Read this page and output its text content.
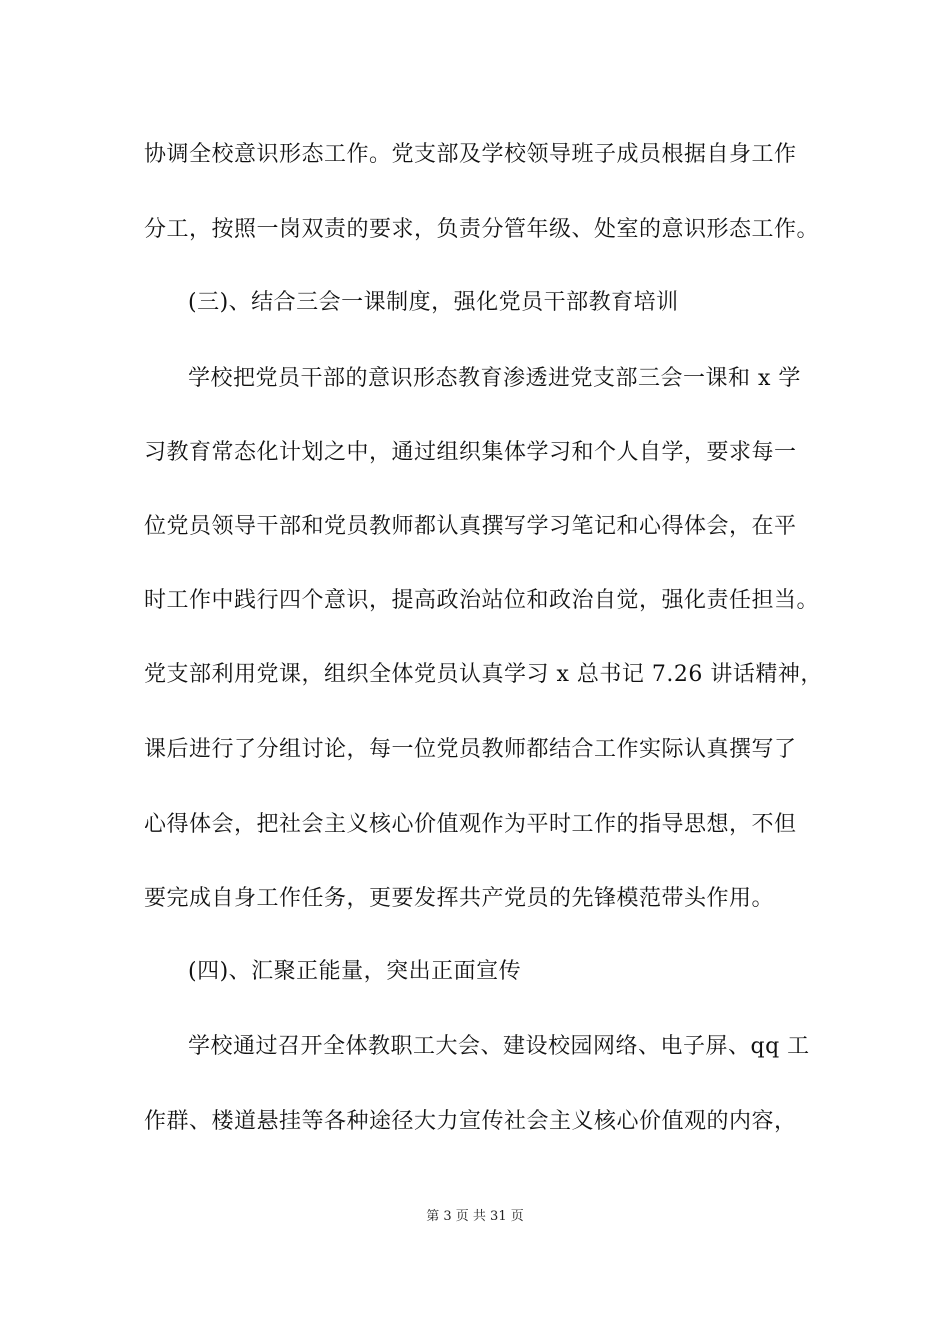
协调全校意识形态工作。党支部及学校领导班子成员根据自身工作
分工，按照一岗双责的要求，负责分管年级、处室的意识形态工作。
(三)、结合三会一课制度，强化党员干部教育培训
学校把党员干部的意识形态教育渗透进党支部三会一课和 x 学
习教育常态化计划之中，通过组织集体学习和个人自学，要求每一
位党员领导干部和党员教师都认真撰写学习笔记和心得体会，在平
时工作中践行四个意识，提高政治站位和政治自觉，强化责任担当。
党支部利用党课，组织全体党员认真学习 x 总书记 7.26 讲话精神，
课后进行了分组讨论，每一位党员教师都结合工作实际认真撰写了
心得体会，把社会主义核心价值观作为平时工作的指导思想，不但
要完成自身工作任务，更要发挥共产党员的先锋模范带头作用。
(四)、汇聚正能量，突出正面宣传
学校通过召开全体教职工大会、建设校园网络、电子屏、qq 工
作群、楼道悬挂等各种途径大力宣传社会主义核心价值观的内容，
第 3 页 共 31 页
